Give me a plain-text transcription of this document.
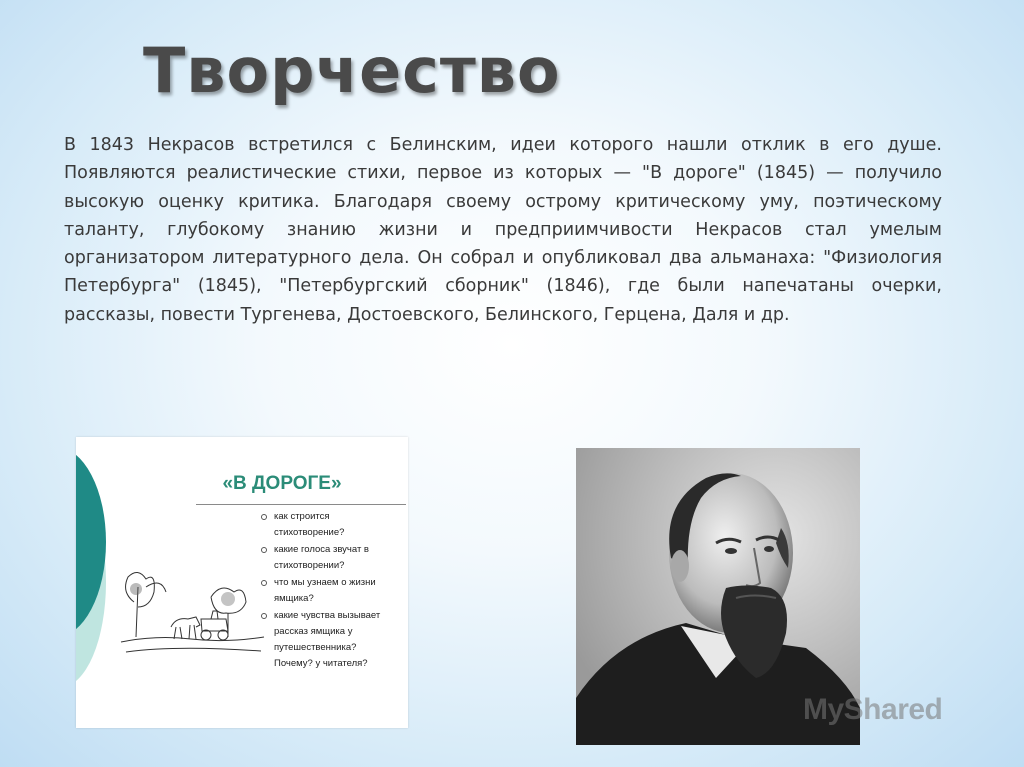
Творчество

В 1843 Некрасов встретился с Белинским, идеи которого нашли отклик в его душе. Появляются реалистические стихи, первое из которых — "В дороге" (1845) — получило высокую оценку критика. Благодаря своему острому критическому уму, поэтическому таланту, глубокому знанию жизни и предприимчивости Некрасов стал умелым организатором литературного дела. Он собрал и опубликовал два альманаха: "Физиология Петербурга" (1845), "Петербургский сборник" (1846), где были напечатаны очерки, рассказы, повести Тургенева, Достоевского, Белинского, Герцена, Даля и др.

«В ДОРОГЕ»
как строится стихотворение?
какие голоса звучат в стихотворении?
что мы узнаем о жизни ямщика?
какие чувства вызывает рассказ ямщика у путешественника? Почему? у читателя?
MyShared
